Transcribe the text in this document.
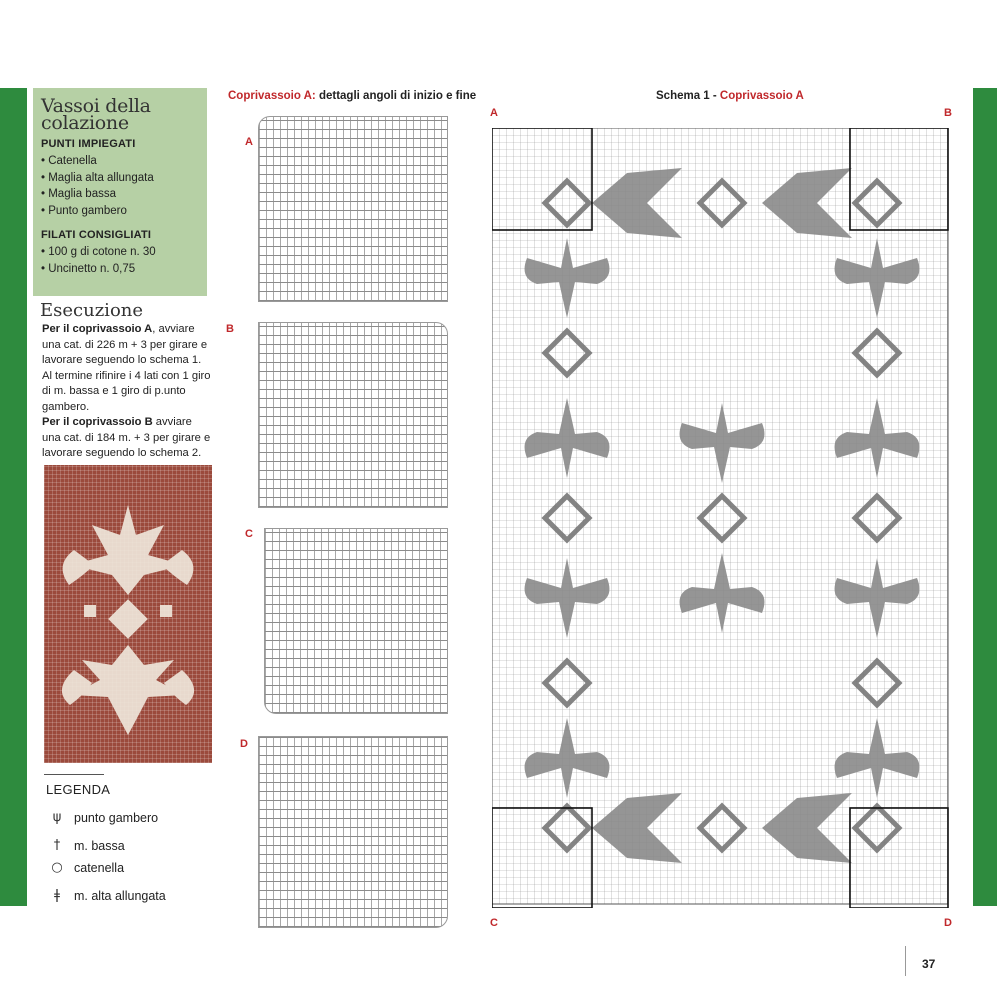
Vassoi della colazione
PUNTI IMPIEGATI
• Catenella
• Maglia alta allungata
• Maglia bassa
• Punto gambero
FILATI CONSIGLIATI
• 100 g di cotone n. 30
• Uncinetto n. 0,75
Esecuzione
Per il coprivassoio A, avviare una cat. di 226 m + 3 per girare e lavorare seguendo lo schema 1. Al termine rifinire i 4 lati con 1 giro di m. bassa e 1 giro di p.unto gambero.
Per il coprivassoio B avviare una cat. di 184 m. + 3 per girare e lavorare seguendo lo schema 2.
LEGENDA
ψ	punto gambero
†	m. bassa
○ catenella
ǂ	m. alta allungata
Coprivassoio A: dettagli angoli di inizio e fine
A
B
C
D
Schema 1 - Coprivassoio A
A	B
C	D
37
